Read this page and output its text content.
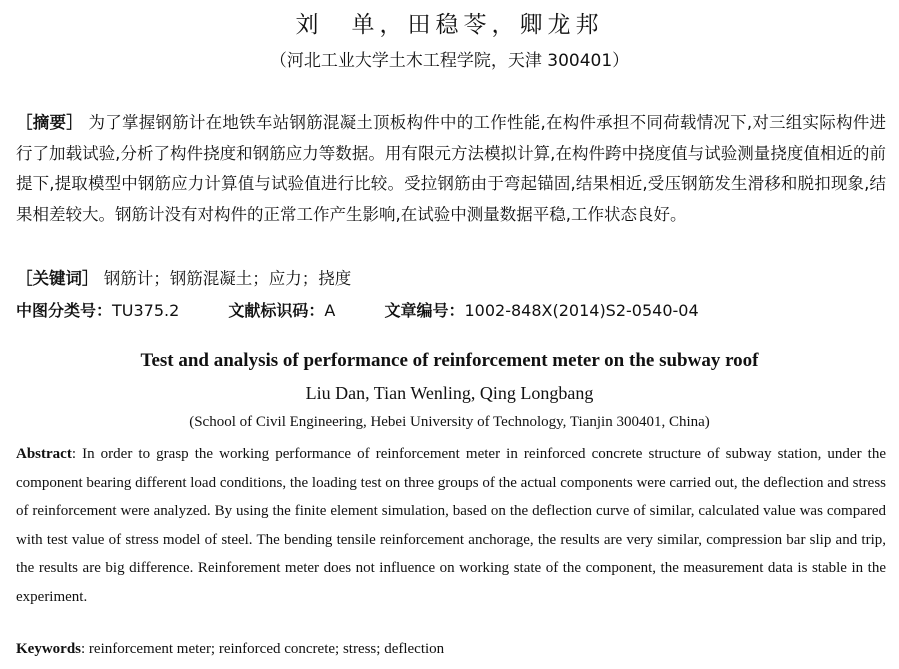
刘　单，田稳苓，卿龙邦
（河北工业大学土木工程学院，天津 300401）
［摘要］ 为了掌握钢筋计在地铁车站钢筋混凝土顶板构件中的工作性能,在构件承担不同荷载情况下,对三组实际构件进行了加载试验,分析了构件挠度和钢筋应力等数据。用有限元方法模拟计算,在构件跨中挠度值与试验测量挠度值相近的前提下,提取模型中钢筋应力计算值与试验值进行比较。受拉钢筋由于弯起锚固,结果相近,受压钢筋发生滑移和脱扣现象,结果相差较大。钢筋计没有对构件的正常工作产生影响,在试验中测量数据平稳,工作状态良好。
［关键词］ 钢筋计；钢筋混凝土；应力；挠度
中图分类号：TU375.2	文献标识码：A	文章编号：1002-848X(2014)S2-0540-04
Test and analysis of performance of reinforcement meter on the subway roof
Liu Dan, Tian Wenling, Qing Longbang
(School of Civil Engineering, Hebei University of Technology, Tianjin 300401, China)
Abstract: In order to grasp the working performance of reinforcement meter in reinforced concrete structure of subway station, under the component bearing different load conditions, the loading test on three groups of the actual components were carried out, the deflection and stress of reinforcement were analyzed. By using the finite element simulation, based on the deflection curve of similar, calculated value was compared with test value of stress model of steel. The bending tensile reinforcement anchorage, the results are very similar, compression bar slip and trip, the results are big difference. Reinforement meter does not influence on working state of the component, the measurement data is stable in the experiment.
Keywords: reinforcement meter; reinforced concrete; stress; deflection
